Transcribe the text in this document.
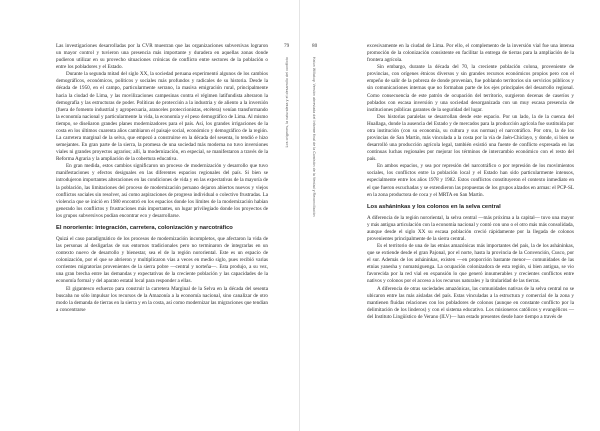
79
Los orígenes, la naturaleza y el desarrollo del conflicto

Las investigaciones desarrolladas por la CVR muestran que las organizaciones subversivas lograron un mayor control y tuvieron una presencia más importante y duradera en aquellas zonas donde pudieron utilizar en su provecho situaciones crónicas de conflicto entre sectores de la población o entre los pobladores y el Estado.

Durante la segunda mitad del siglo XX, la sociedad peruana experimentó algunos de los cambios demográficos, económicos, políticos y sociales más profundos y radicales de su historia. Desde la década de 1950, en el campo, particularmente serrano, la masiva emigración rural, principalmente hacia la ciudad de Lima, y las movilizaciones campesinas contra el régimen latifundista alteraron la demografía y las estructuras de poder. Políticas de protección a la industria y de aliento a la inversión (fuera de fomento industrial y agropecuaria, aranceles proteccionistas, etcétera) venían transformando la economía nacional y particularmente la vida, la economía y el peso demográfico de Lima. Al mismo tiempo, se diseñaron grandes planes modernizadores para el país. Así, los grandes irrigaciones de la costa en los últimos cuarenta años cambiaron el paisaje social, económico y demográfico de la región. La carretera marginal de la selva, que empezó a construirse en la década del sesenta, lo tendió e hizo semejantes. En gran parte de la sierra, la promesa de una sociedad más moderna no tuvo inversiones viales ni grandes proyectos agrarios; allí, la modernización, en especial, se manifestaron a través de la Reforma Agraria y la ampliación de la cobertura educativa.

En gran medida, estos cambios significaron un proceso de modernización y desarrollo que tuvo manifestaciones y efectos desiguales en las diferentes espacios regionales del país. Si bien se introdujeron importantes alteraciones en las condiciones de vida y en las expectativas de la mayoría de la población, las limitaciones del proceso de modernización peruano dejaron abiertos nuevos y viejos conflictos sociales sin resolver, así como aspiraciones de progreso individual o colectivo frustradas. La violencia que se inició en 1980 encontró en los espacios donde los límites de la modernización habían generado los conflictos y frustraciones más importantes, un lugar privilegiado donde los proyectos de los grupos subversivos podían encontrar eco y desarrollarse.

El nororiente: integración, carretera, colonización y narcotráfico

Quizá el caso paradigmático de los procesos de modernización incompletos, que afectaron la vida de las personas al desligarlas de sus entornos tradicionales pero no terminaron de integrarlas en un contexto nuevo de desarrollo y bienestar, sea el de la región nororiental. Este es un espacio de colonización, por el que se abrieron y multiplicaron vías a veces en medio siglo, pues recibió varias corrientes migratorias provenientes de la sierra pobre —central y norteña—. Esta produjo, a su vez, una gran brecha entre las demandas y expectativas de la creciente población y las capacidades de la economía formal y del aparato estatal local para responder a ellas.

El gigantesco esfuerzo para construir la carretera Marginal de la Selva en la década del sesenta buscaba no sólo impulsar los recursos de la Amazonía a la economía nacional, sino canalizar de otro modo la demanda de tierras en la sierra y en la costa, así como modernizar las migraciones que tendían a concentrarse

80
Hatun Willakuy. Versión abreviada del Informe final de la Comisión de la Verdad y Reconciliación

excesivamente en la ciudad de Lima. Por ello, el complemento de la inversión vial fue una intensa promoción de la colonización consistente en facilitar la entrega de tierras para la ampliación de la frontera agrícola.

Sin embargo, durante la década del 70, la creciente población colona, proveniente de provincias, con orígenes étnicos diversos y sin grandes recursos económicos propios pero con el empeño de salir de la pobreza de donde provenían, fue poblando territorios sin servicios públicos y sin comunicaciones internas que no formaban parte de los ejes principales del desarrollo regional. Como consecuencia de este patrón de ocupación del territorio, surgieron decenas de caseríos y poblados con escasa inversión y una sociedad desorganizada con un muy escasa presencia de instituciones públicas garantes de la seguridad del lugar.

Dos historias paralelas se desarrollan desde este espacio. Por un lado, la de la cuenca del Huallaga, donde la ausencia del Estado y de mercados para la producción agrícola fue sustituida por otra institución (con su economía, su cultura y sus normas) el narcotráfico. Por otro, la de los provincias de San Martín, más vinculada a la costa por la vía de Jaén-Chiclayo, y donde, si bien se desarrolló una producción agrícola legal, también existió una fuente de conflicto expresada en las continuas luchas regionales por mejorar los términos de intercambio económico con el resto del país.

En ambos espacios, y sea por represión del narcotráfico o por represión de los movimientos sociales, los conflictos entre la población local y el Estado han sido particularmente intensos, especialmente entre los años 1978 y 1982. Estos conflictos constituyeron el contexto inmediato en el que fueron escuchadas y se extendieron las propuestas de los grupos alzados en armas: el PCP-SL en la zona productora de coca y el MRTA en San Martín.

Los asháninkas y los colonos en la selva central

A diferencia de la región nororiental, la selva central —más próxima a la capital— tuvo una mayor y más antigua articulación con la economía nacional y contó con uno o el otro más más consolidada, aunque desde el siglo XX su escasa población creció rápidamente por la llegada de colonos provenientes principalmente de la sierra central.

Es el territorio de una de las etnias amazónicas más importantes del país, la de los asháninkas, que se extiende desde el gran Pajonal, por el norte, hasta la provincia de la Convención, Cusco, por el sur. Además de los asháninkas, existen —en proporción bastante menor— comunidades de las etnias yanesha y nomatsiguenga. La ocupación colonizadora de esta región, si bien antigua, se vio favorecida por la red vial en expansión lo que generó innumerables y crecientes conflictos entre nativos y colonos por el acceso a los recursos naturales y la titularidad de las tierras.

A diferencia de otras sociedades amazónicas, las comunidades nativas de la selva central no se ubicaron entre las más aisladas del país. Estas vinculadas a la estructura y comercial de la zona y mantienen fluidas relaciones con los pobladores de colonos (aunque en constante conflicto por la delimitación de los linderos) y con el sistema educativo. Los misioneros católicos y evangélicos —del Instituto Lingüístico de Verano (ILV)— han estado presentes desde hace tiempo a través de
